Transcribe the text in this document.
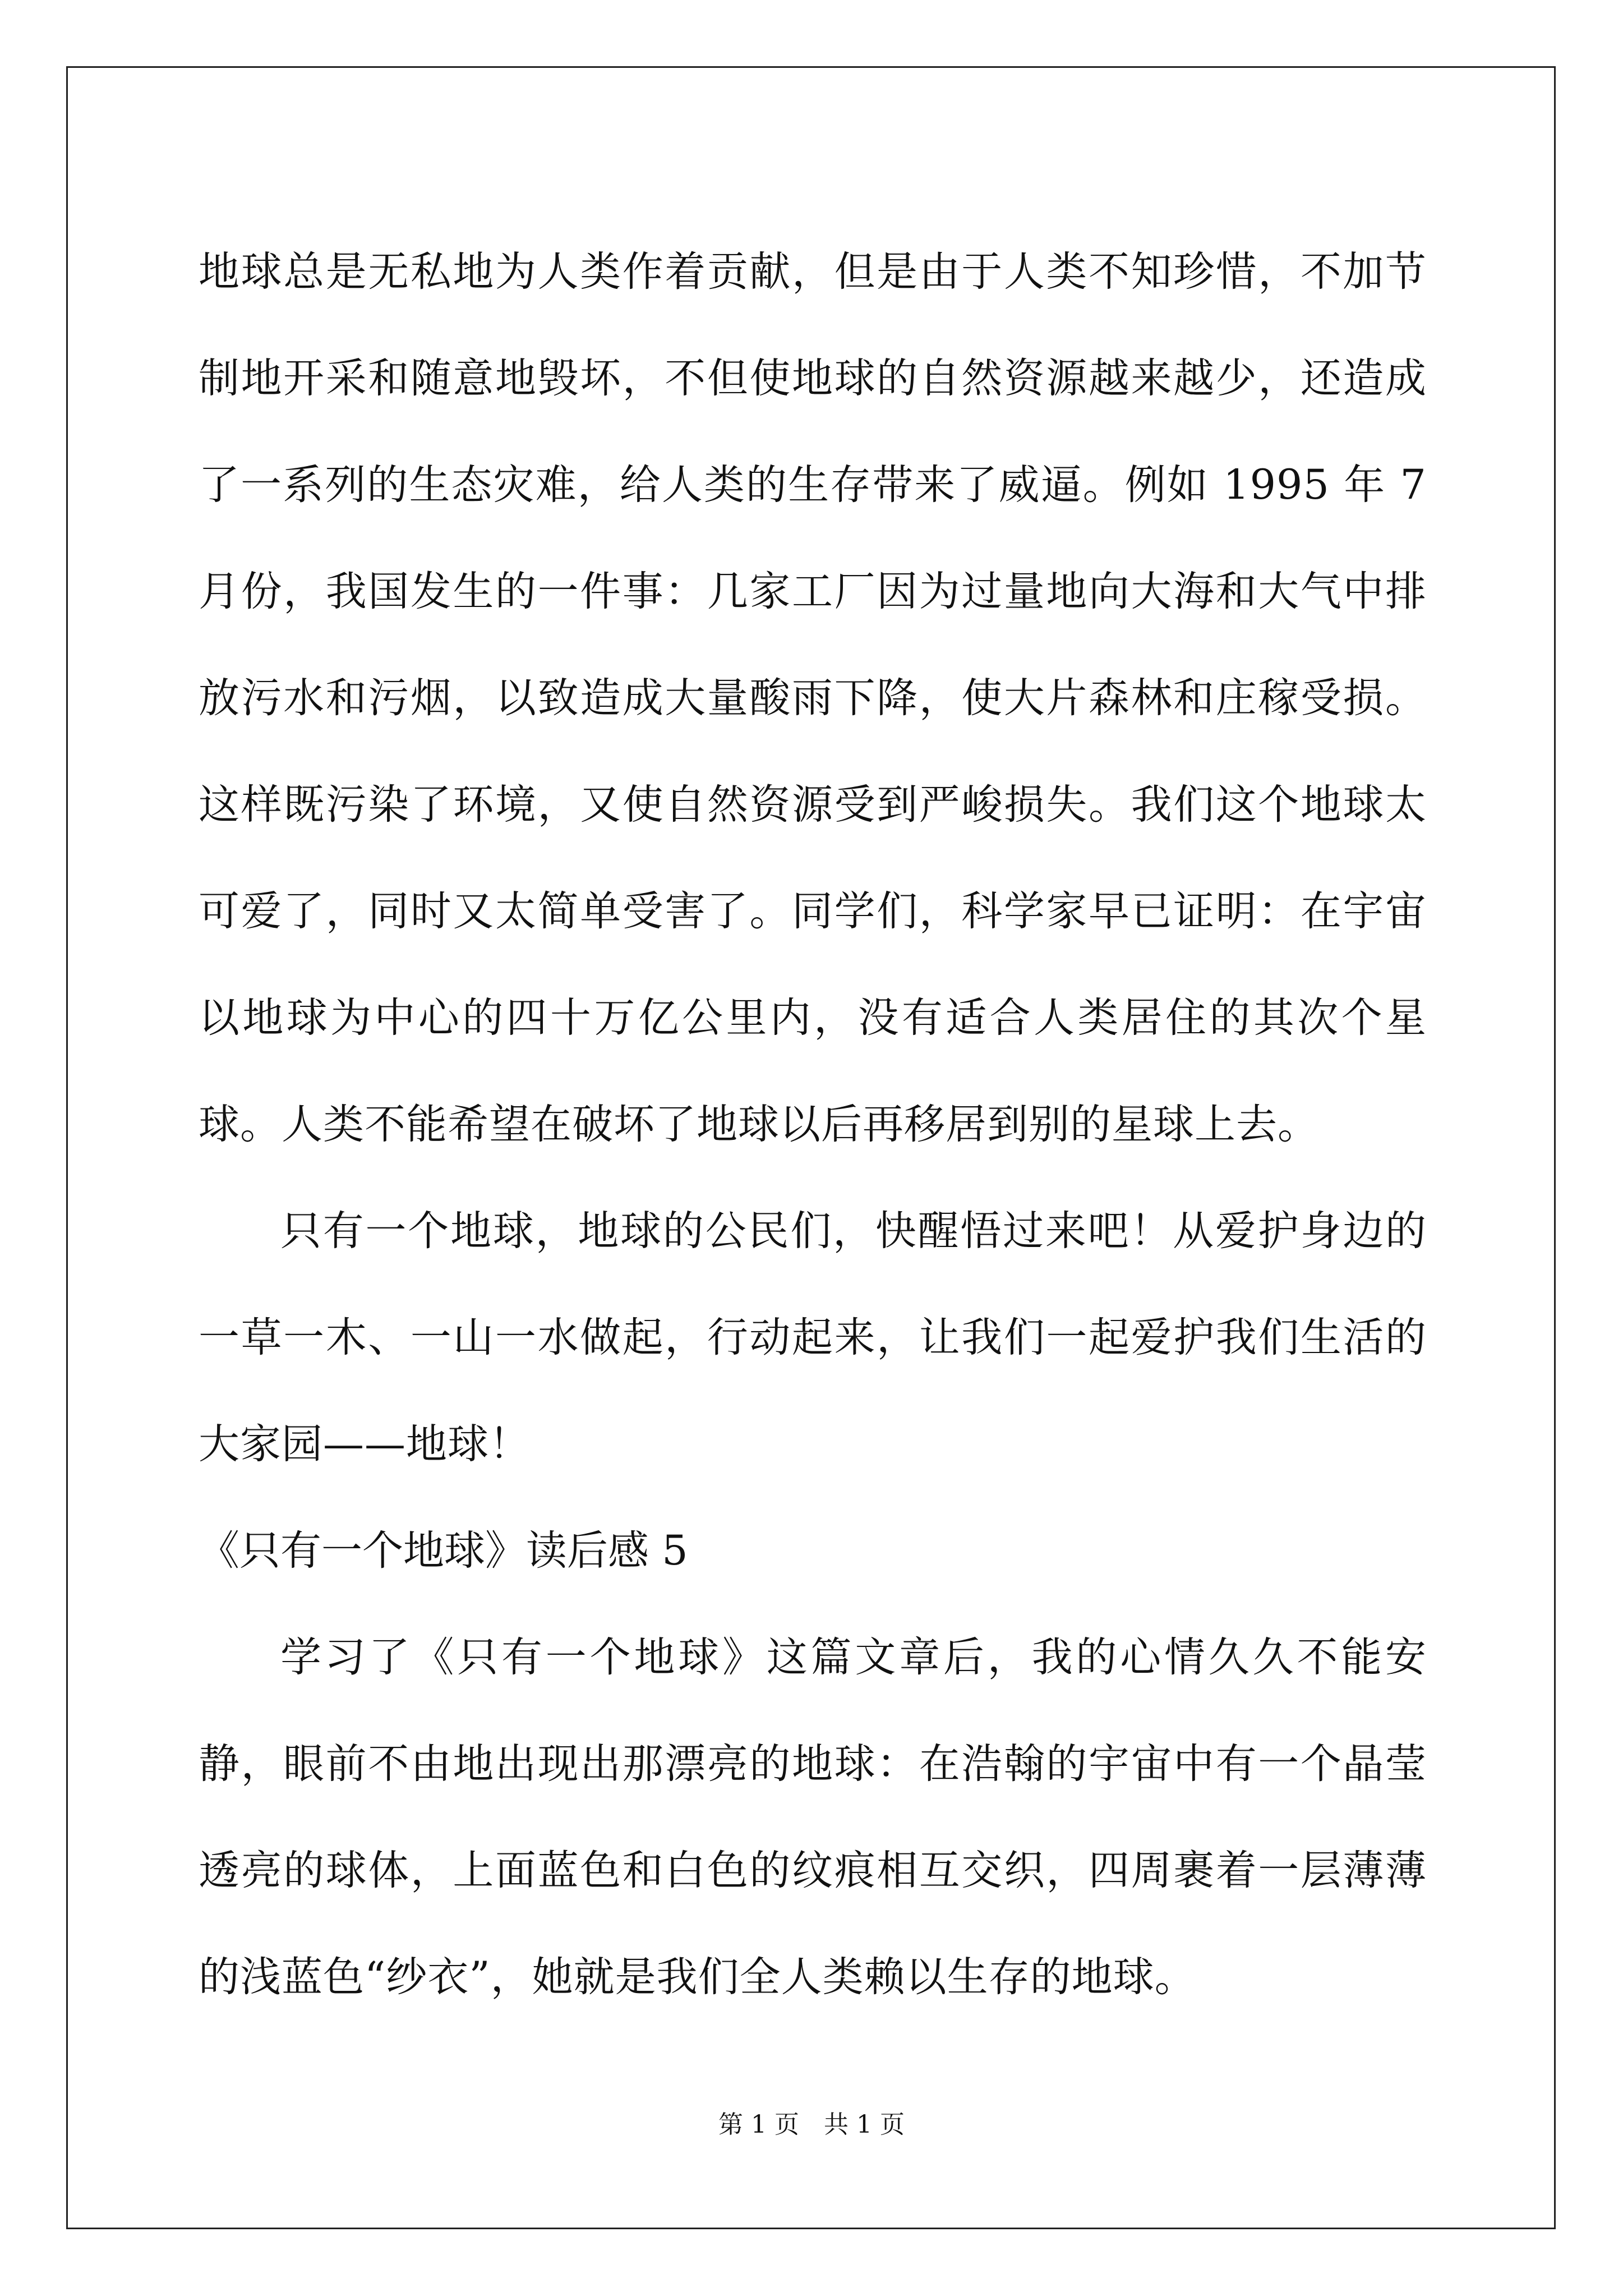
地球总是无私地为人类作着贡献，但是由于人类不知珍惜，不加节制地开采和随意地毁坏，不但使地球的自然资源越来越少，还造成了一系列的生态灾难，给人类的生存带来了威逼。例如 1995 年 7 月份，我国发生的一件事：几家工厂因为过量地向大海和大气中排放污水和污烟，以致造成大量酸雨下降，使大片森林和庄稼受损。这样既污染了环境，又使自然资源受到严峻损失。我们这个地球太可爱了，同时又太简单受害了。同学们，科学家早已证明：在宇宙以地球为中心的四十万亿公里内，没有适合人类居住的其次个星球。人类不能希望在破坏了地球以后再移居到别的星球上去。

只有一个地球，地球的公民们，快醒悟过来吧！从爱护身边的一草一木、一山一水做起，行动起来，让我们一起爱护我们生活的大家园——地球！

《只有一个地球》读后感 5

学习了《只有一个地球》这篇文章后，我的心情久久不能安静，眼前不由地出现出那漂亮的地球：在浩翰的宇宙中有一个晶莹透亮的球体，上面蓝色和白色的纹痕相互交织，四周裹着一层薄薄的浅蓝色“纱衣”，她就是我们全人类赖以生存的地球。

第 1 页 共 1 页
